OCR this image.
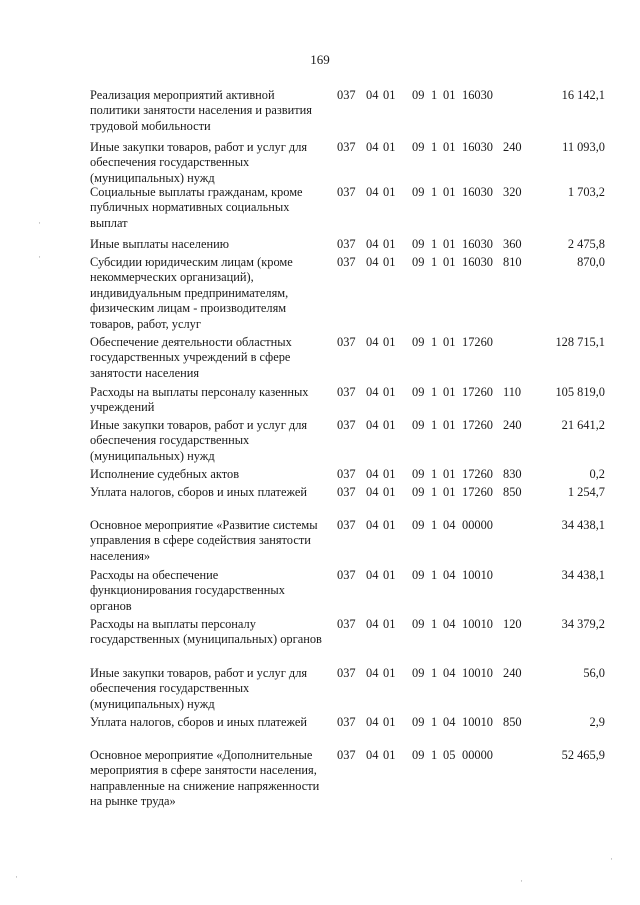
169
Реализация мероприятий активной политики занятости населения и развития трудовой мобильности
037 04 01 09 1 01 16030	16 142,1
Иные закупки товаров, работ и услуг для обеспечения государственных (муниципальных) нужд
037 04 01 09 1 01 16030 240	11 093,0
Социальные выплаты гражданам, кроме публичных нормативных социальных выплат
037 04 01 09 1 01 16030 320	1 703,2
Иные выплаты населению	037 04 01 09 1 01 16030 360	2 475,8
Субсидии юридическим лицам (кроме некоммерческих организаций), индивидуальным предпринимателям, физическим лицам - производителям товаров, работ, услуг
037 04 01 09 1 01 16030 810	870,0
Обеспечение деятельности областных государственных учреждений в сфере занятости населения
037 04 01 09 1 01 17260	128 715,1
Расходы на выплаты персоналу казенных учреждений
037 04 01 09 1 01 17260 110	105 819,0
Иные закупки товаров, работ и услуг для обеспечения государственных (муниципальных) нужд
037 04 01 09 1 01 17260 240	21 641,2
Исполнение судебных актов	037 04 01 09 1 01 17260 830	0,2
Уплата налогов, сборов и иных платежей	037 04 01 09 1 01 17260 850	1 254,7
Основное мероприятие «Развитие системы управления в сфере содействия занятости населения»
037 04 01 09 1 04 00000	34 438,1
Расходы на обеспечение функционирования государственных органов
037 04 01 09 1 04 10010	34 438,1
Расходы на выплаты персоналу государственных (муниципальных) органов
037 04 01 09 1 04 10010 120	34 379,2
Иные закупки товаров, работ и услуг для обеспечения государственных (муниципальных) нужд
037 04 01 09 1 04 10010 240	56,0
Уплата налогов, сборов и иных платежей	037 04 01 09 1 04 10010 850	2,9
Основное мероприятие «Дополнительные мероприятия в сфере занятости населения, направленные на снижение напряженности на рынке труда»
037 04 01 09 1 05 00000	52 465,9
·
·
·	·
·
